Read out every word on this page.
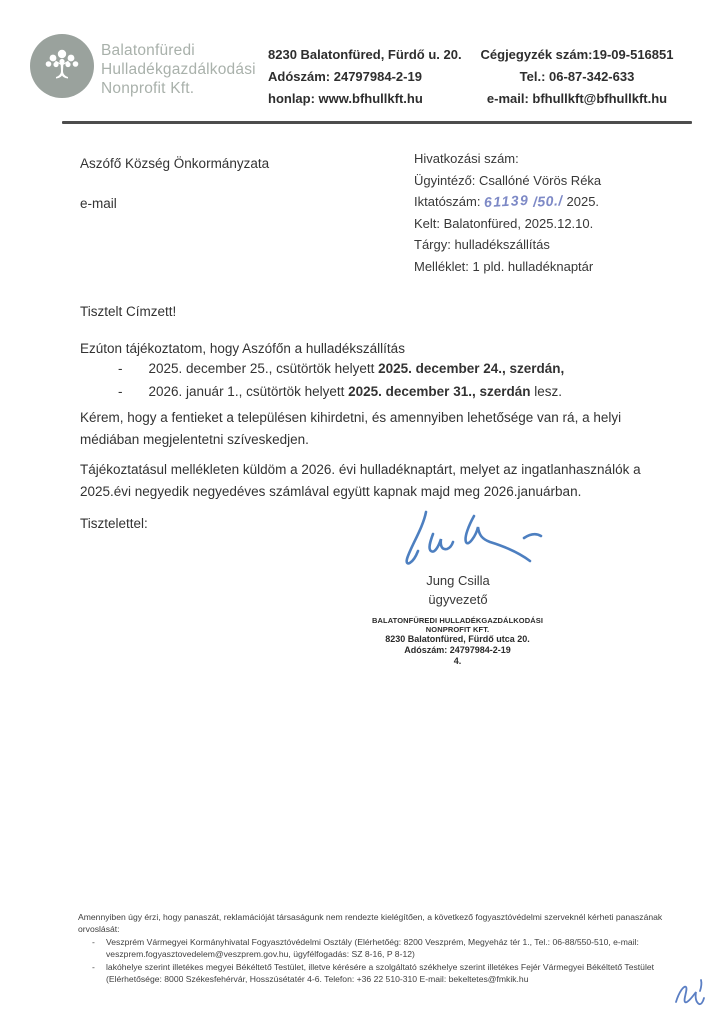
Balatonfüredi
Hulladékgazdálkodási
Nonprofit Kft.
8230 Balatonfüred, Fürdő u. 20.
Adószám: 24797984-2-19
honlap: www.bfhullkft.hu
Cégjegyzék szám:19-09-516851
Tel.: 06-87-342-633
e-mail: bfhullkft@bfhullkft.hu
Aszófő Község Önkormányzata
e-mail
Hivatkozási szám:
Ügyintéző: Csallóné Vörös Réka
Iktatószám: 61139 /50./ 2025.
Kelt: Balatonfüred, 2025.12.10.
Tárgy: hulladékszállítás
Melléklet: 1 pld. hulladéknaptár
Tisztelt Címzett!
Ezúton tájékoztatom, hogy Aszófőn a hulladékszállítás
- 2025. december 25., csütörtök helyett 2025. december 24., szerdán,
- 2026. január 1., csütörtök helyett 2025. december 31., szerdán lesz.
Kérem, hogy a fentieket a településen kihirdetni, és amennyiben lehetősége van rá, a helyi médiában megjelentetni szíveskedjen.
Tájékoztatásul mellékleten küldöm a 2026. évi hulladéknaptárt, melyet az ingatlanhasználók a 2025.évi negyedik negyedéves számlával együtt kapnak majd meg 2026.januárban.
Tisztelettel:
Jung Csilla
ügyvezető
BALATONFÜREDI HULLADÉKGAZDÁLKODÁSI
NONPROFIT KFT.
8230 Balatonfüred, Fürdő utca 20.
Adószám: 24797984-2-19
4.
Amennyiben úgy érzi, hogy panaszát, reklamációját társaságunk nem rendezte kielégítően, a következő fogyasztóvédelmi szerveknél kérheti panaszának orvoslását:
-	Veszprém Vármegyei Kormányhivatal Fogyasztóvédelmi Osztály (Elérhetőég: 8200 Veszprém, Megyeház tér 1., Tel.: 06-88/550-510, e-mail: veszprem.fogyasztovedelem@veszprem.gov.hu, ügyfélfogadás: SZ 8-16, P 8-12)
-	lakóhelye szerint illetékes megyei Békéltető Testület, illetve kérésére a szolgáltató székhelye szerint illetékes Fejér Vármegyei Békéltető Testület (Elérhetősége: 8000 Székesfehérvár, Hosszúsétatér 4-6. Telefon: +36 22 510-310 E-mail: bekeltetes@fmkik.hu
